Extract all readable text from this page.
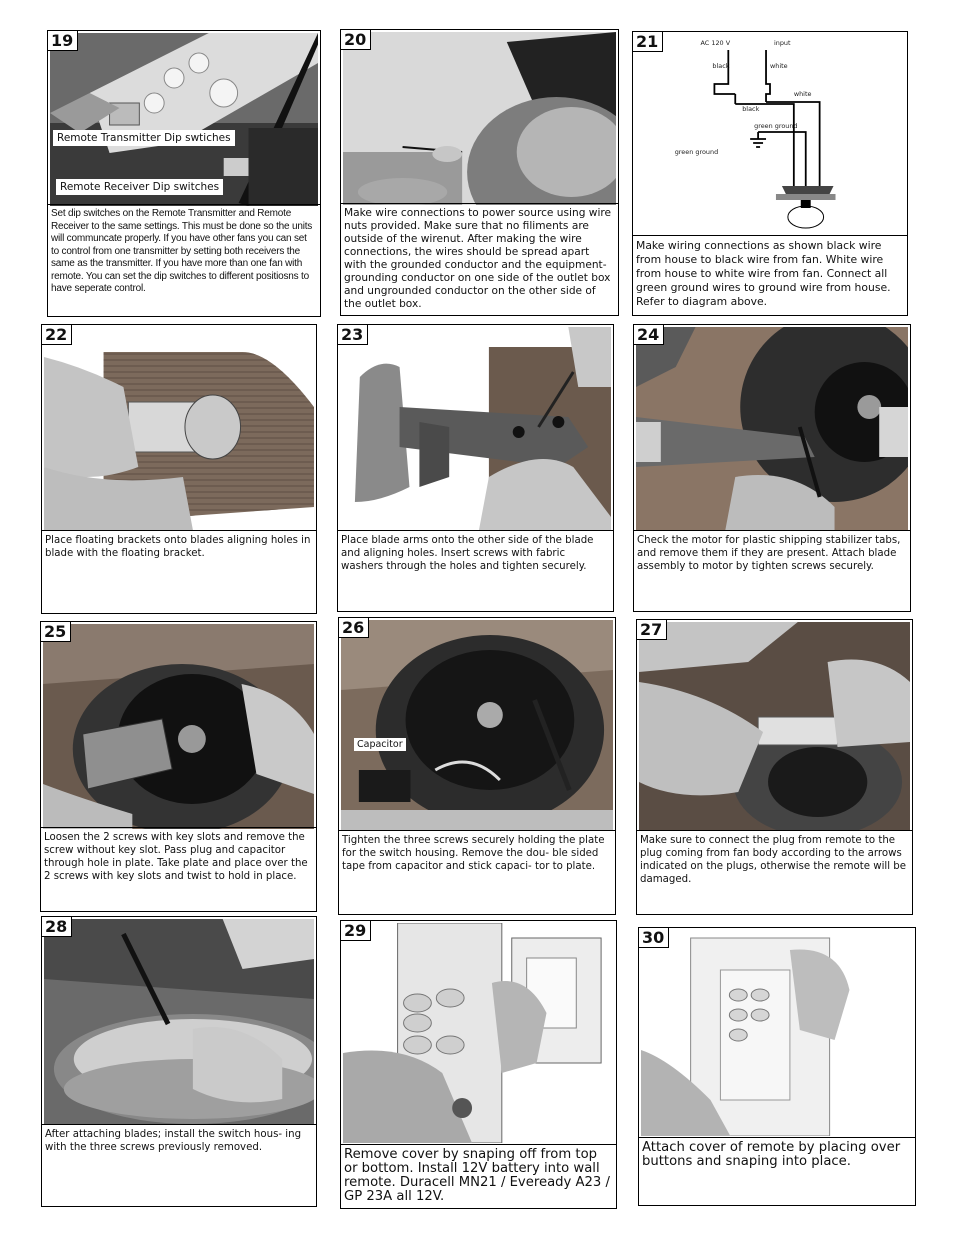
19
Remote Transmitter Dip swtiches
Remote Receiver Dip switches
Set dip switches on the Remote Transmitter and Remote Receiver to the same settings. This must be done so the units will communcate properly. If you have other fans you can set to control from one transmitter by setting both receivers the same as the transmitter. If you have more than one fan with remote. You can set the dip switches to different positiosns to have seperate control.
20
Make wire connections to power source using wire nuts provided. Make sure that no filiments are outside of the wirenut. After making the wire connections, the wires should be spread apart with the grounded conductor and the equipment-grounding conductor on one side of the outlet box and ungrounded conductor on the other side of the outlet box.
21	AC 120 V	input
black	white
white
black
green ground
green ground
Make wiring connections as shown black wire from house to black wire from fan. White wire from house to white wire from fan. Connect all green ground wires to ground wire from house. Refer to diagram above.
22
Place floating brackets onto blades aligning holes in blade with the floating bracket.
23
Place blade arms onto the other side of the blade and aligning holes. Insert screws with fabric washers through the holes and tighten securely.
24
Check the motor for plastic shipping stabilizer tabs, and remove them if they are present. Attach blade assembly to motor by tighten screws securely.
25
Loosen the 2 screws with key slots and remove the screw without key slot. Pass plug and capacitor through hole in plate. Take plate and place over the 2 screws with key slots and twist to hold in place.
26
Capacitor
Tighten the three screws securely holding the plate for the switch housing. Remove the dou- ble sided tape from capacitor and stick capaci- tor to plate.
27
Make sure to connect the plug from remote to the plug coming from fan body according to the arrows indicated on the plugs, otherwise the remote will be damaged.
28
After attaching blades; install the switch hous- ing with the three screws previously removed.
29
Remove cover by snaping off from top or bottom. Install 12V battery into wall remote. Duracell MN21 / Eveready A23 / GP 23A all 12V.
30
Attach cover of remote by placing over buttons and snaping into place.
